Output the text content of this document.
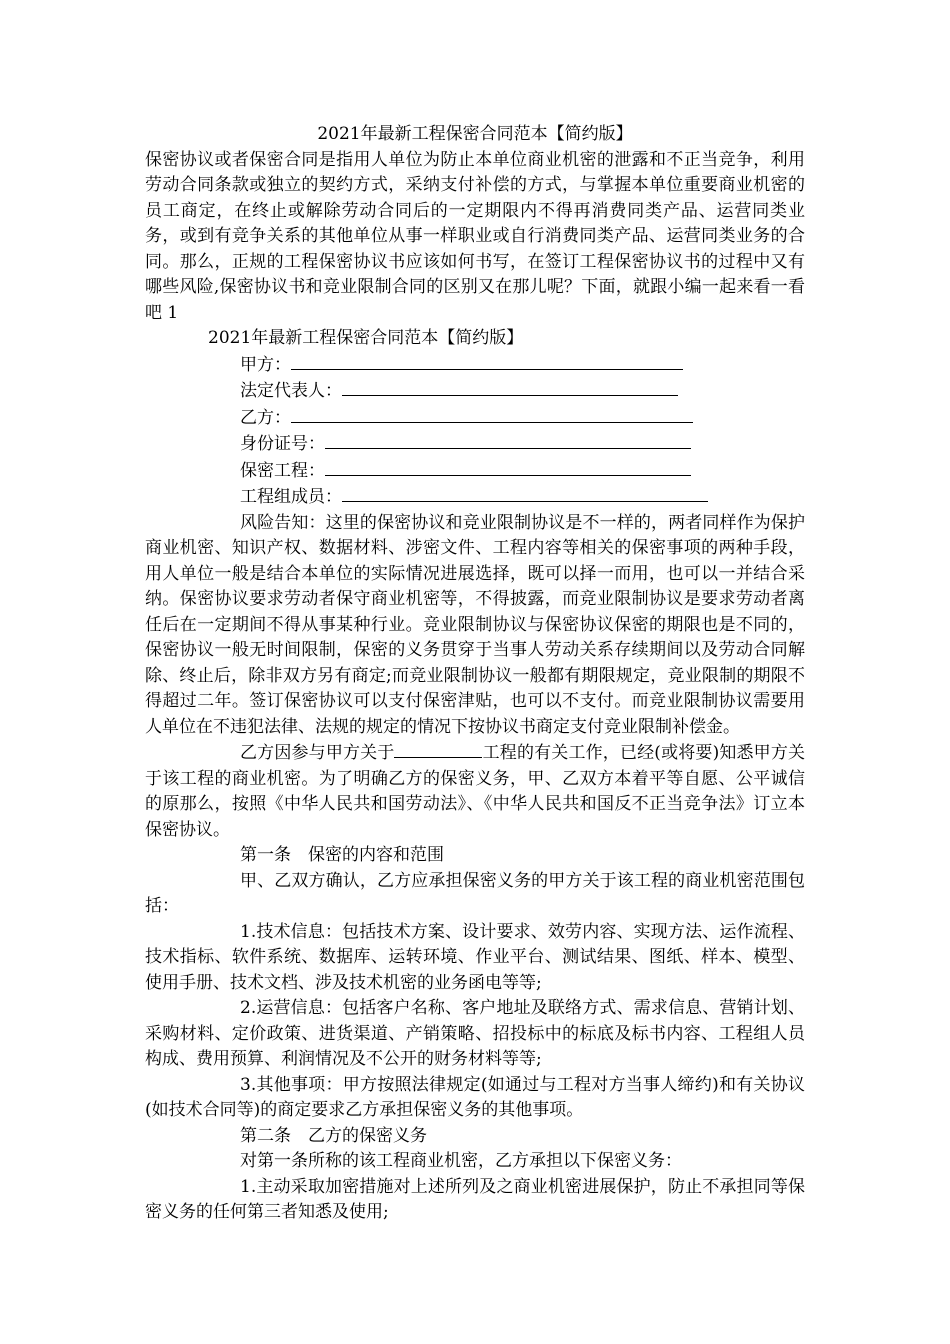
2021年最新工程保密合同范本【简约版】

保密协议或者保密合同是指用人单位为防止本单位商业机密的泄露和不正当竞争，利用劳动合同条款或独立的契约方式，采纳支付补偿的方式，与掌握本单位重要商业机密的员工商定，在终止或解除劳动合同后的一定期限内不得再消费同类产品、运营同类业务，或到有竞争关系的其他单位从事一样职业或自行消费同类产品、运营同类业务的合同。那么，正规的工程保密协议书应该如何书写，在签订工程保密协议书的过程中又有哪些风险,保密协议书和竞业限制合同的区别又在那儿呢？下面，就跟小编一起来看一看吧 1

2021年最新工程保密合同范本【简约版】

甲方：

法定代表人：

乙方：

身份证号：

保密工程：

工程组成员：

风险告知：这里的保密协议和竞业限制协议是不一样的，两者同样作为保护商业机密、知识产权、数据材料、涉密文件、工程内容等相关的保密事项的两种手段，用人单位一般是结合本单位的实际情况进展选择，既可以择一而用，也可以一并结合采纳。保密协议要求劳动者保守商业机密等，不得披露，而竞业限制协议是要求劳动者离任后在一定期间不得从事某种行业。竞业限制协议与保密协议保密的期限也是不同的，保密协议一般无时间限制，保密的义务贯穿于当事人劳动关系存续期间以及劳动合同解除、终止后，除非双方另有商定;而竞业限制协议一般都有期限规定，竞业限制的期限不得超过二年。签订保密协议可以支付保密津贴，也可以不支付。而竞业限制协议需要用人单位在不违犯法律、法规的规定的情况下按协议书商定支付竞业限制补偿金。

乙方因参与甲方关于	工程的有关工作，已经(或将要)知悉甲方关于该工程的商业机密。为了明确乙方的保密义务，甲、乙双方本着平等自愿、公平诚信的原那么，按照《中华人民共和国劳动法》、《中华人民共和国反不正当竞争法》订立本保密协议。

第一条　保密的内容和范围

甲、乙双方确认，乙方应承担保密义务的甲方关于该工程的商业机密范围包括：

1.技术信息：包括技术方案、设计要求、效劳内容、实现方法、运作流程、技术指标、软件系统、数据库、运转环境、作业平台、测试结果、图纸、样本、模型、使用手册、技术文档、涉及技术机密的业务函电等等;

2.运营信息：包括客户名称、客户地址及联络方式、需求信息、营销计划、采购材料、定价政策、进货渠道、产销策略、招投标中的标底及标书内容、工程组人员构成、费用预算、利润情况及不公开的财务材料等等;

3.其他事项：甲方按照法律规定(如通过与工程对方当事人缔约)和有关协议(如技术合同等)的商定要求乙方承担保密义务的其他事项。

第二条　乙方的保密义务

对第一条所称的该工程商业机密，乙方承担以下保密义务：

1.主动采取加密措施对上述所列及之商业机密进展保护，防止不承担同等保密义务的任何第三者知悉及使用;
